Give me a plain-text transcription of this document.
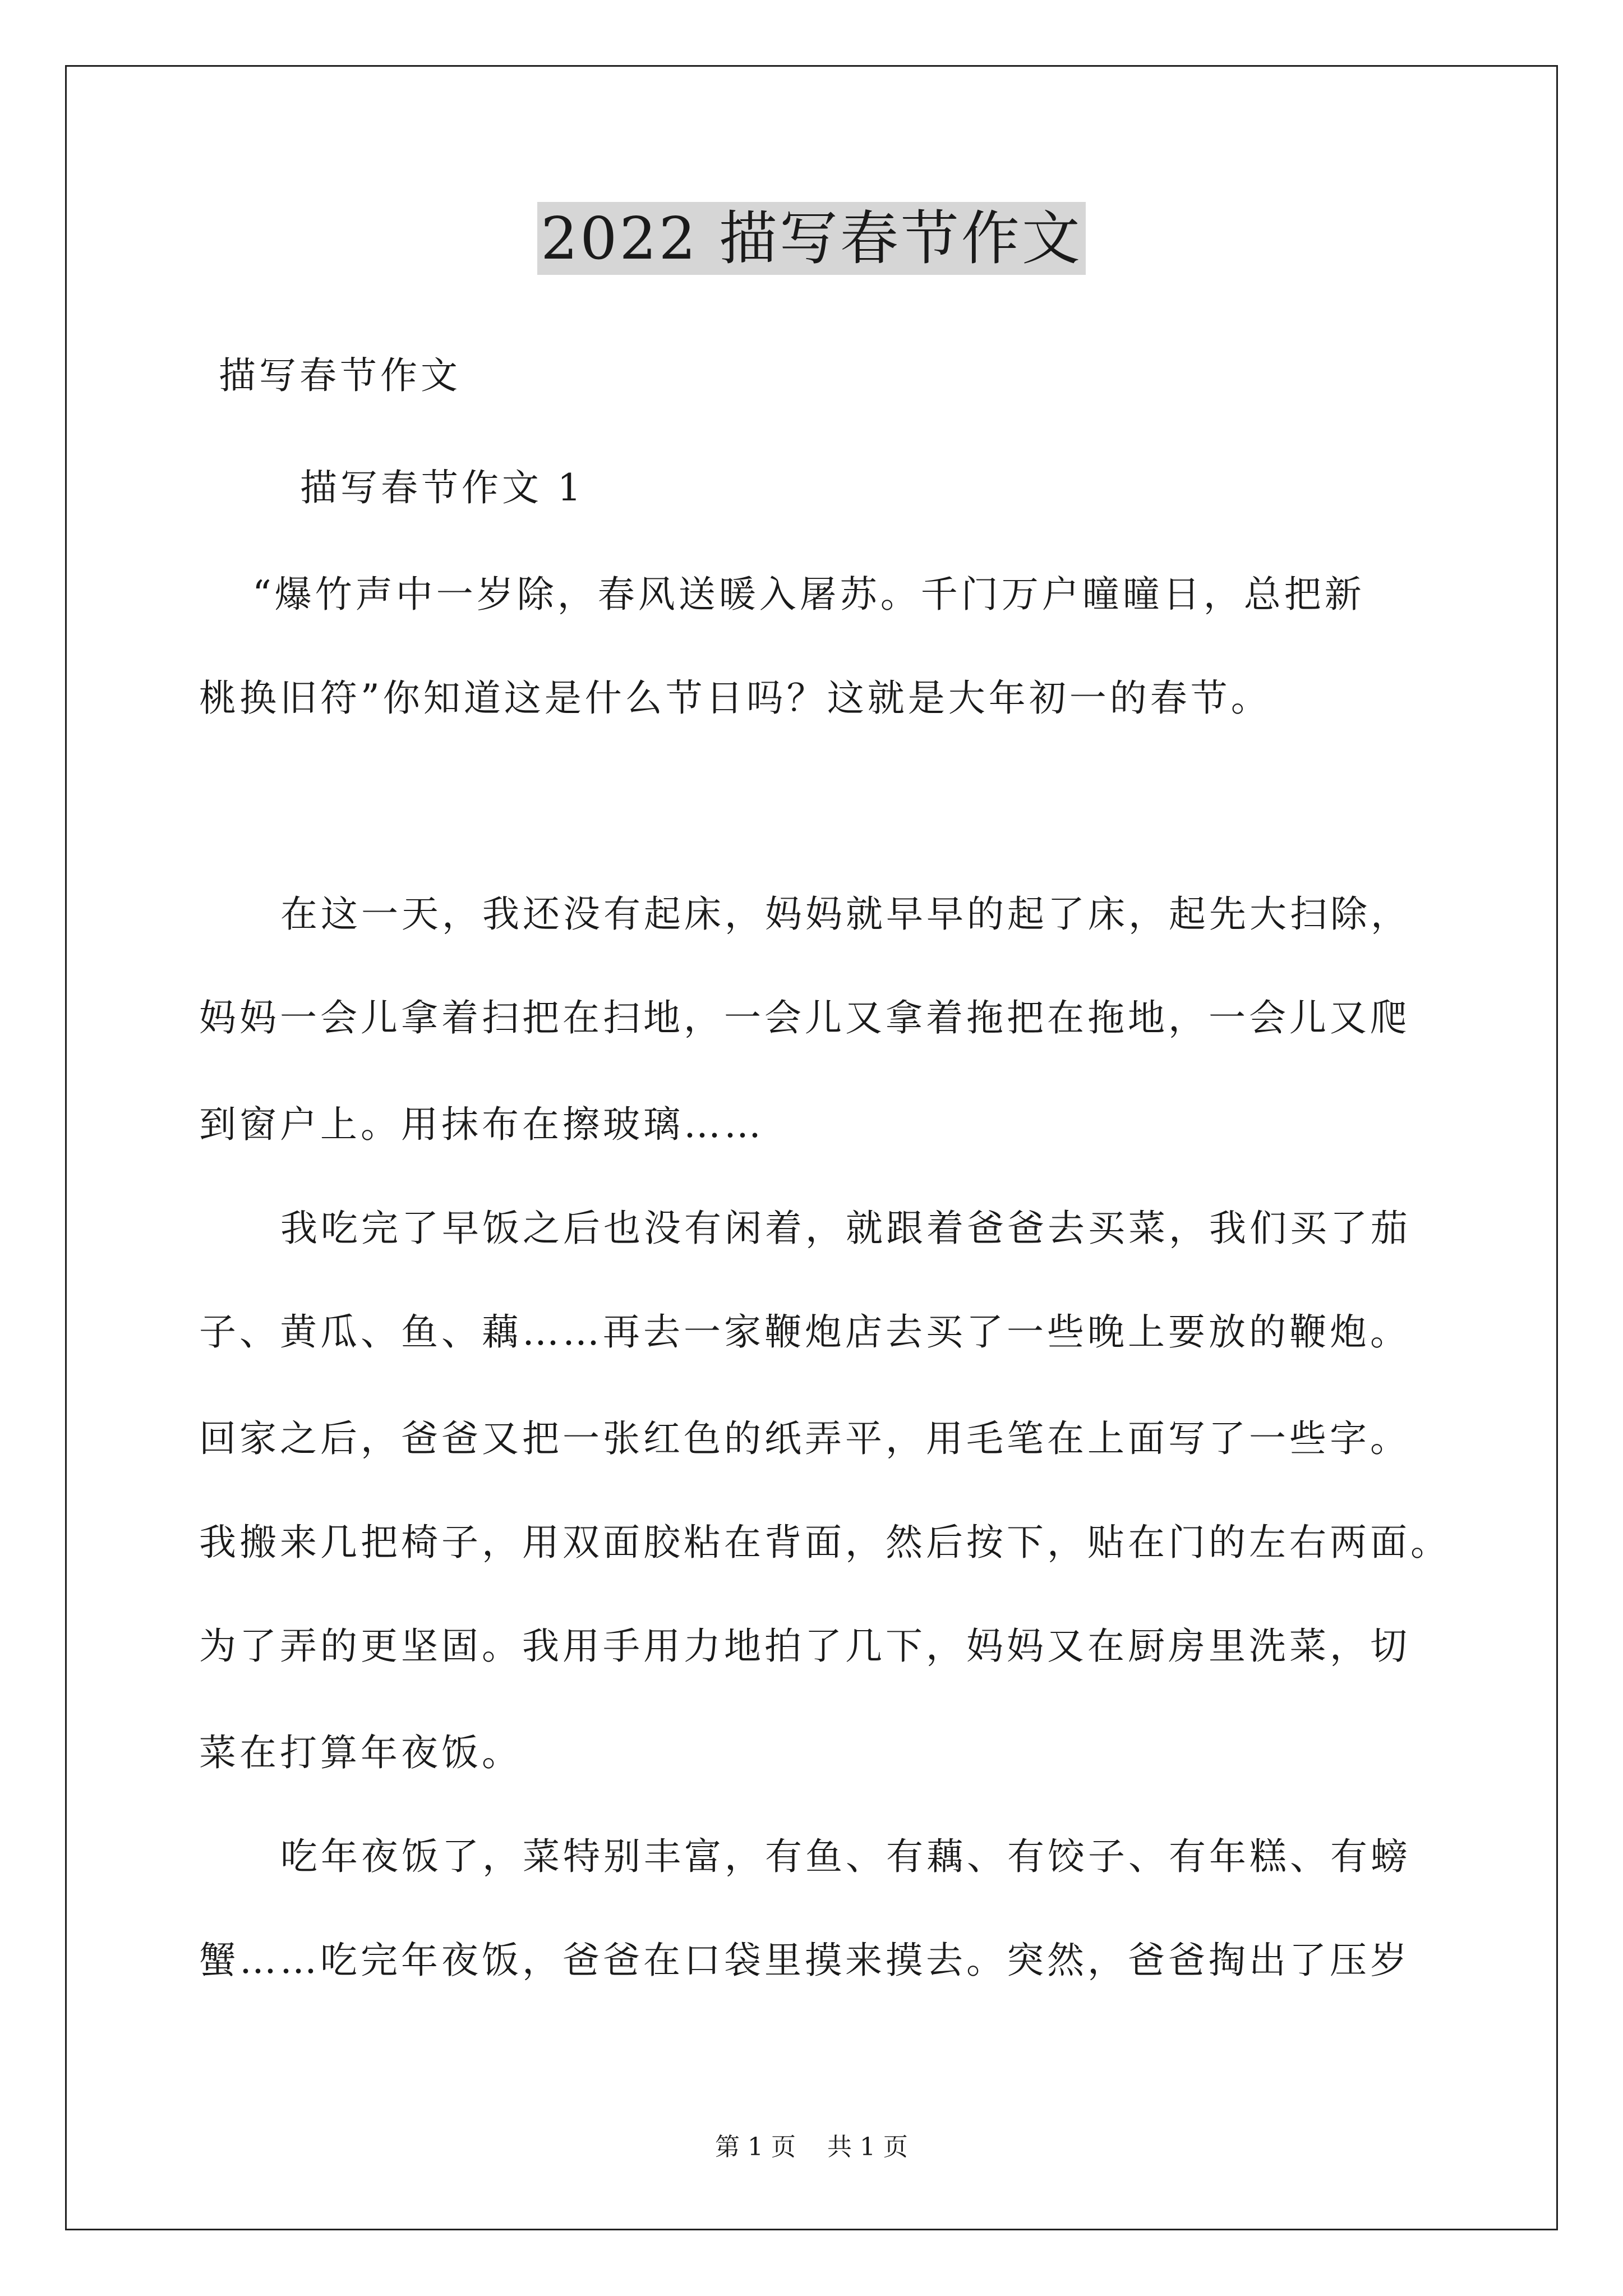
2022 描写春节作文
描写春节作文
描写春节作文 1
“爆竹声中一岁除，春风送暖入屠苏。千门万户曈曈日，总把新
桃换旧符”你知道这是什么节日吗？这就是大年初一的春节。
在这一天，我还没有起床，妈妈就早早的起了床，起先大扫除，
妈妈一会儿拿着扫把在扫地，一会儿又拿着拖把在拖地，一会儿又爬
到窗户上。用抹布在擦玻璃……
我吃完了早饭之后也没有闲着，就跟着爸爸去买菜，我们买了茄
子、黄瓜、鱼、藕……再去一家鞭炮店去买了一些晚上要放的鞭炮。
回家之后，爸爸又把一张红色的纸弄平，用毛笔在上面写了一些字。
我搬来几把椅子，用双面胶粘在背面，然后按下，贴在门的左右两面。
为了弄的更坚固。我用手用力地拍了几下，妈妈又在厨房里洗菜，切
菜在打算年夜饭。
吃年夜饭了，菜特别丰富，有鱼、有藕、有饺子、有年糕、有螃
蟹……吃完年夜饭，爸爸在口袋里摸来摸去。突然，爸爸掏出了压岁
第 1 页 共 1 页
